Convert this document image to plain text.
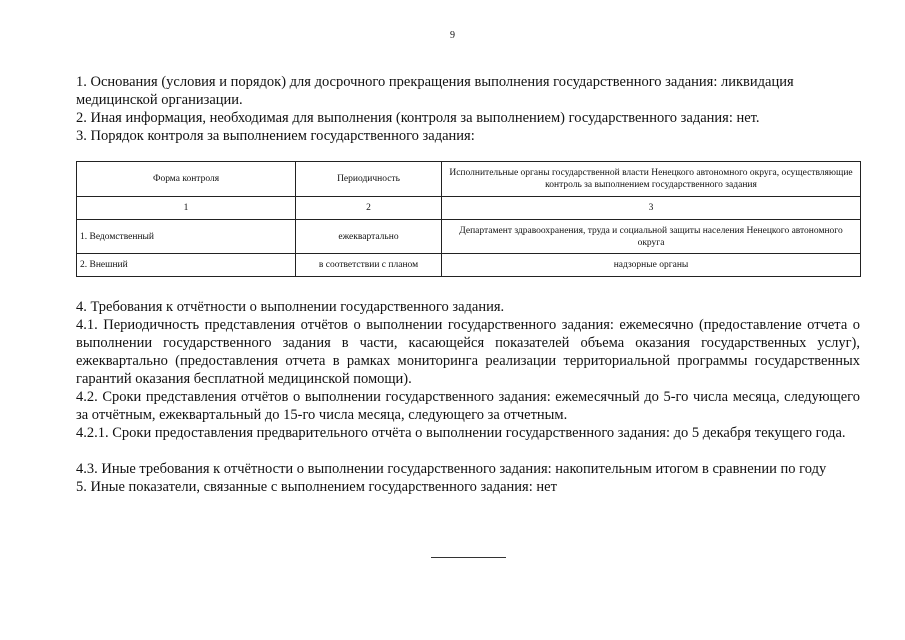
9

1. Основания (условия и порядок) для досрочного прекращения выполнения государственного задания: ликвидация медицинской организации.

2. Иная информация, необходимая для выполнения (контроля за выполнением) государственного задания: нет.

3. Порядок контроля за выполнением государственного задания:

Форма контроля	Периодичность	Исполнительные органы государственной власти Ненецкого автономного округа, осуществляющие контроль за выполнением государственного задания
1	2	3
1. Ведомственный	ежеквартально	Департамент здравоохранения, труда и социальной защиты населения Ненецкого автономного округа
2. Внешний	в соответствии с планом	надзорные органы

4. Требования к отчётности о выполнении государственного задания.

4.1. Периодичность представления отчётов о выполнении государственного задания: ежемесячно (предоставление отчета о выполнении государственного задания в части, касающейся показателей объема оказания государственных услуг), ежеквартально (предоставления отчета в рамках мониторинга реализации территориальной программы государственных гарантий оказания бесплатной медицинской помощи).

4.2. Сроки представления отчётов о выполнении государственного задания: ежемесячный до 5-го числа месяца, следующего за отчётным, ежеквартальный до 15-го числа месяца, следующего за отчетным.

4.2.1. Сроки предоставления предварительного отчёта о выполнении государственного задания: до 5 декабря текущего года.

4.3. Иные требования к отчётности о выполнении государственного задания: накопительным итогом в сравнении по году

5. Иные показатели, связанные с выполнением государственного задания: нет
